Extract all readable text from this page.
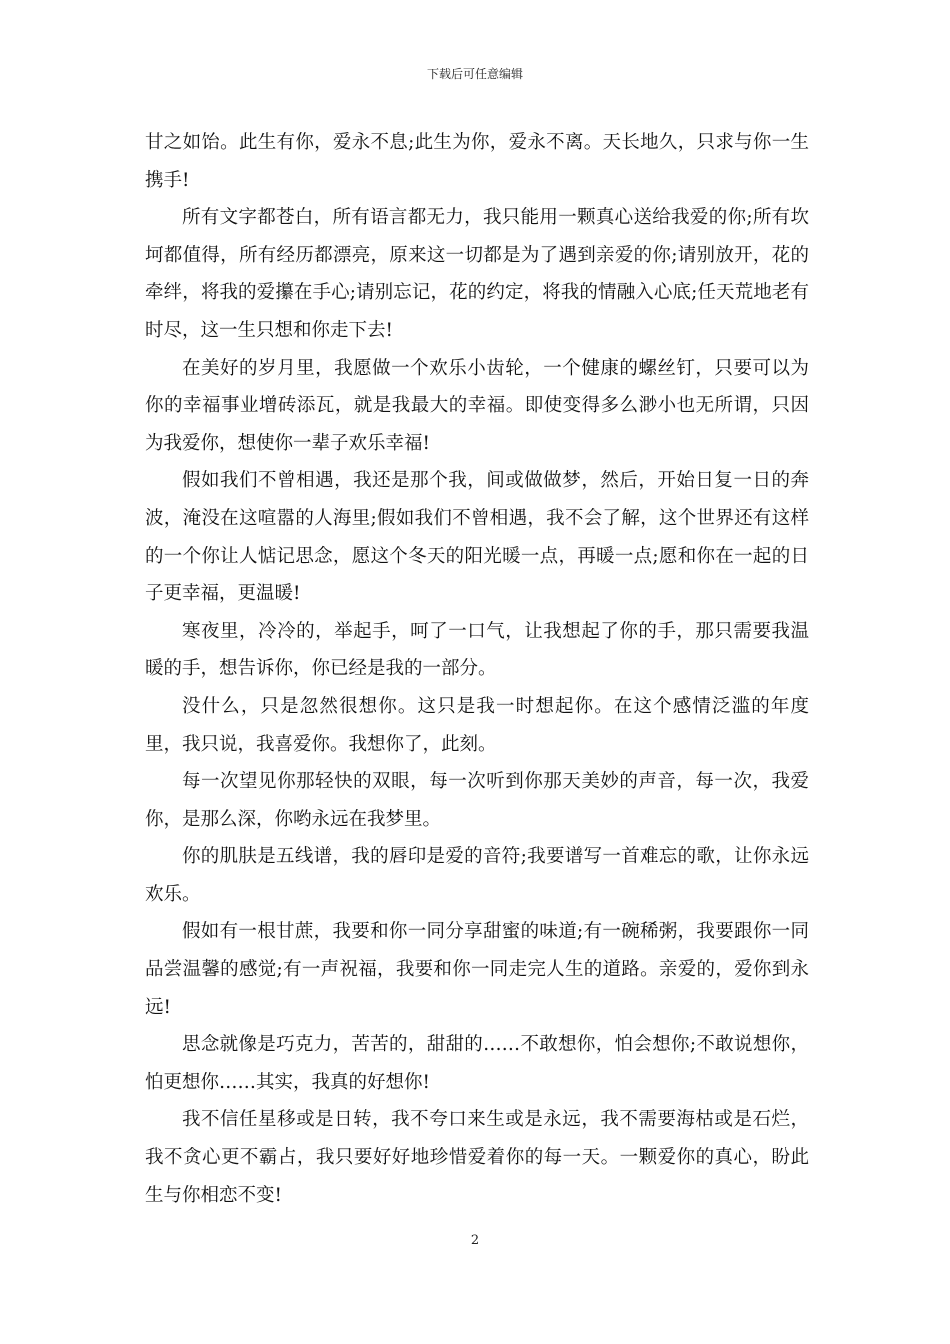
下载后可任意编辑

甘之如饴。此生有你，爱永不息;此生为你，爱永不离。天长地久，只求与你一生携手!

所有文字都苍白，所有语言都无力，我只能用一颗真心送给我爱的你;所有坎坷都值得，所有经历都漂亮，原来这一切都是为了遇到亲爱的你;请别放开，花的牵绊，将我的爱攥在手心;请别忘记，花的约定，将我的情融入心底;任天荒地老有时尽，这一生只想和你走下去!

在美好的岁月里，我愿做一个欢乐小齿轮，一个健康的螺丝钉，只要可以为你的幸福事业增砖添瓦，就是我最大的幸福。即使变得多么渺小也无所谓，只因为我爱你，想使你一辈子欢乐幸福!

假如我们不曾相遇，我还是那个我，间或做做梦，然后，开始日复一日的奔波，淹没在这喧嚣的人海里;假如我们不曾相遇，我不会了解，这个世界还有这样的一个你让人惦记思念，愿这个冬天的阳光暖一点，再暖一点;愿和你在一起的日子更幸福，更温暖!

寒夜里，冷冷的，举起手，呵了一口气，让我想起了你的手，那只需要我温暖的手，想告诉你，你已经是我的一部分。

没什么，只是忽然很想你。这只是我一时想起你。在这个感情泛滥的年度里，我只说，我喜爱你。我想你了，此刻。

每一次望见你那轻快的双眼，每一次听到你那天美妙的声音，每一次，我爱你，是那么深，你哟永远在我梦里。

你的肌肤是五线谱，我的唇印是爱的音符;我要谱写一首难忘的歌，让你永远欢乐。

假如有一根甘蔗，我要和你一同分享甜蜜的味道;有一碗稀粥，我要跟你一同品尝温馨的感觉;有一声祝福，我要和你一同走完人生的道路。亲爱的，爱你到永远!

思念就像是巧克力，苦苦的，甜甜的……不敢想你，怕会想你;不敢说想你，怕更想你……其实，我真的好想你!

我不信任星移或是日转，我不夸口来生或是永远，我不需要海枯或是石烂，我不贪心更不霸占，我只要好好地珍惜爱着你的每一天。一颗爱你的真心，盼此生与你相恋不变!

2
